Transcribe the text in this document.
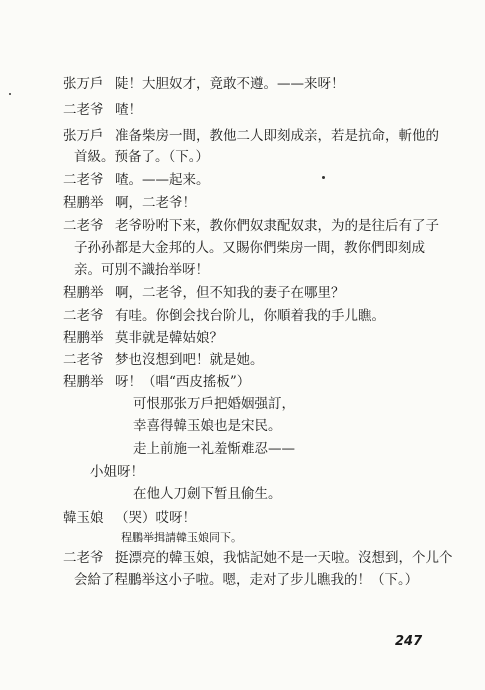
张万戶 陡！大胆奴才，竟敢不遵。——来呀！
二老爷 喳！
张万戶 准备柴房一間，教他二人即刻成亲，若是抗命，斬他的
首級。预备了。（下。）
二老爷 喳。——起来。
程鹏举 啊，二老爷！
二老爷 老爷吩咐下来，教你們奴隶配奴隶，为的是往后有了子
子孙孙都是大金邦的人。又賜你們柴房一間，教你們即刻成
亲。可別不識抬举呀！
程鹏举 啊，二老爷，但不知我的妻子在哪里？
二老爷 有哇。你倒会找台阶儿，你順着我的手儿瞧。
程鹏举 莫非就是韓姑娘？
二老爷 梦也沒想到吧！就是她。
程鹏举 呀！（唱“西皮搖板”）
可恨那张万戶把婚姻强訂，
幸喜得韓玉娘也是宋民。
走上前施一礼羞惭难忍——
小姐呀！
在他人刀劍下暂且偷生。
韓玉娘 （哭）哎呀！
程鵬举揖請韓玉娘同下。
二老爷 挺漂亮的韓玉娘，我惦記她不是一天啦。沒想到，个儿个
会給了程鵬举这小子啦。嗯，走对了步儿瞧我的！（下。）
247
